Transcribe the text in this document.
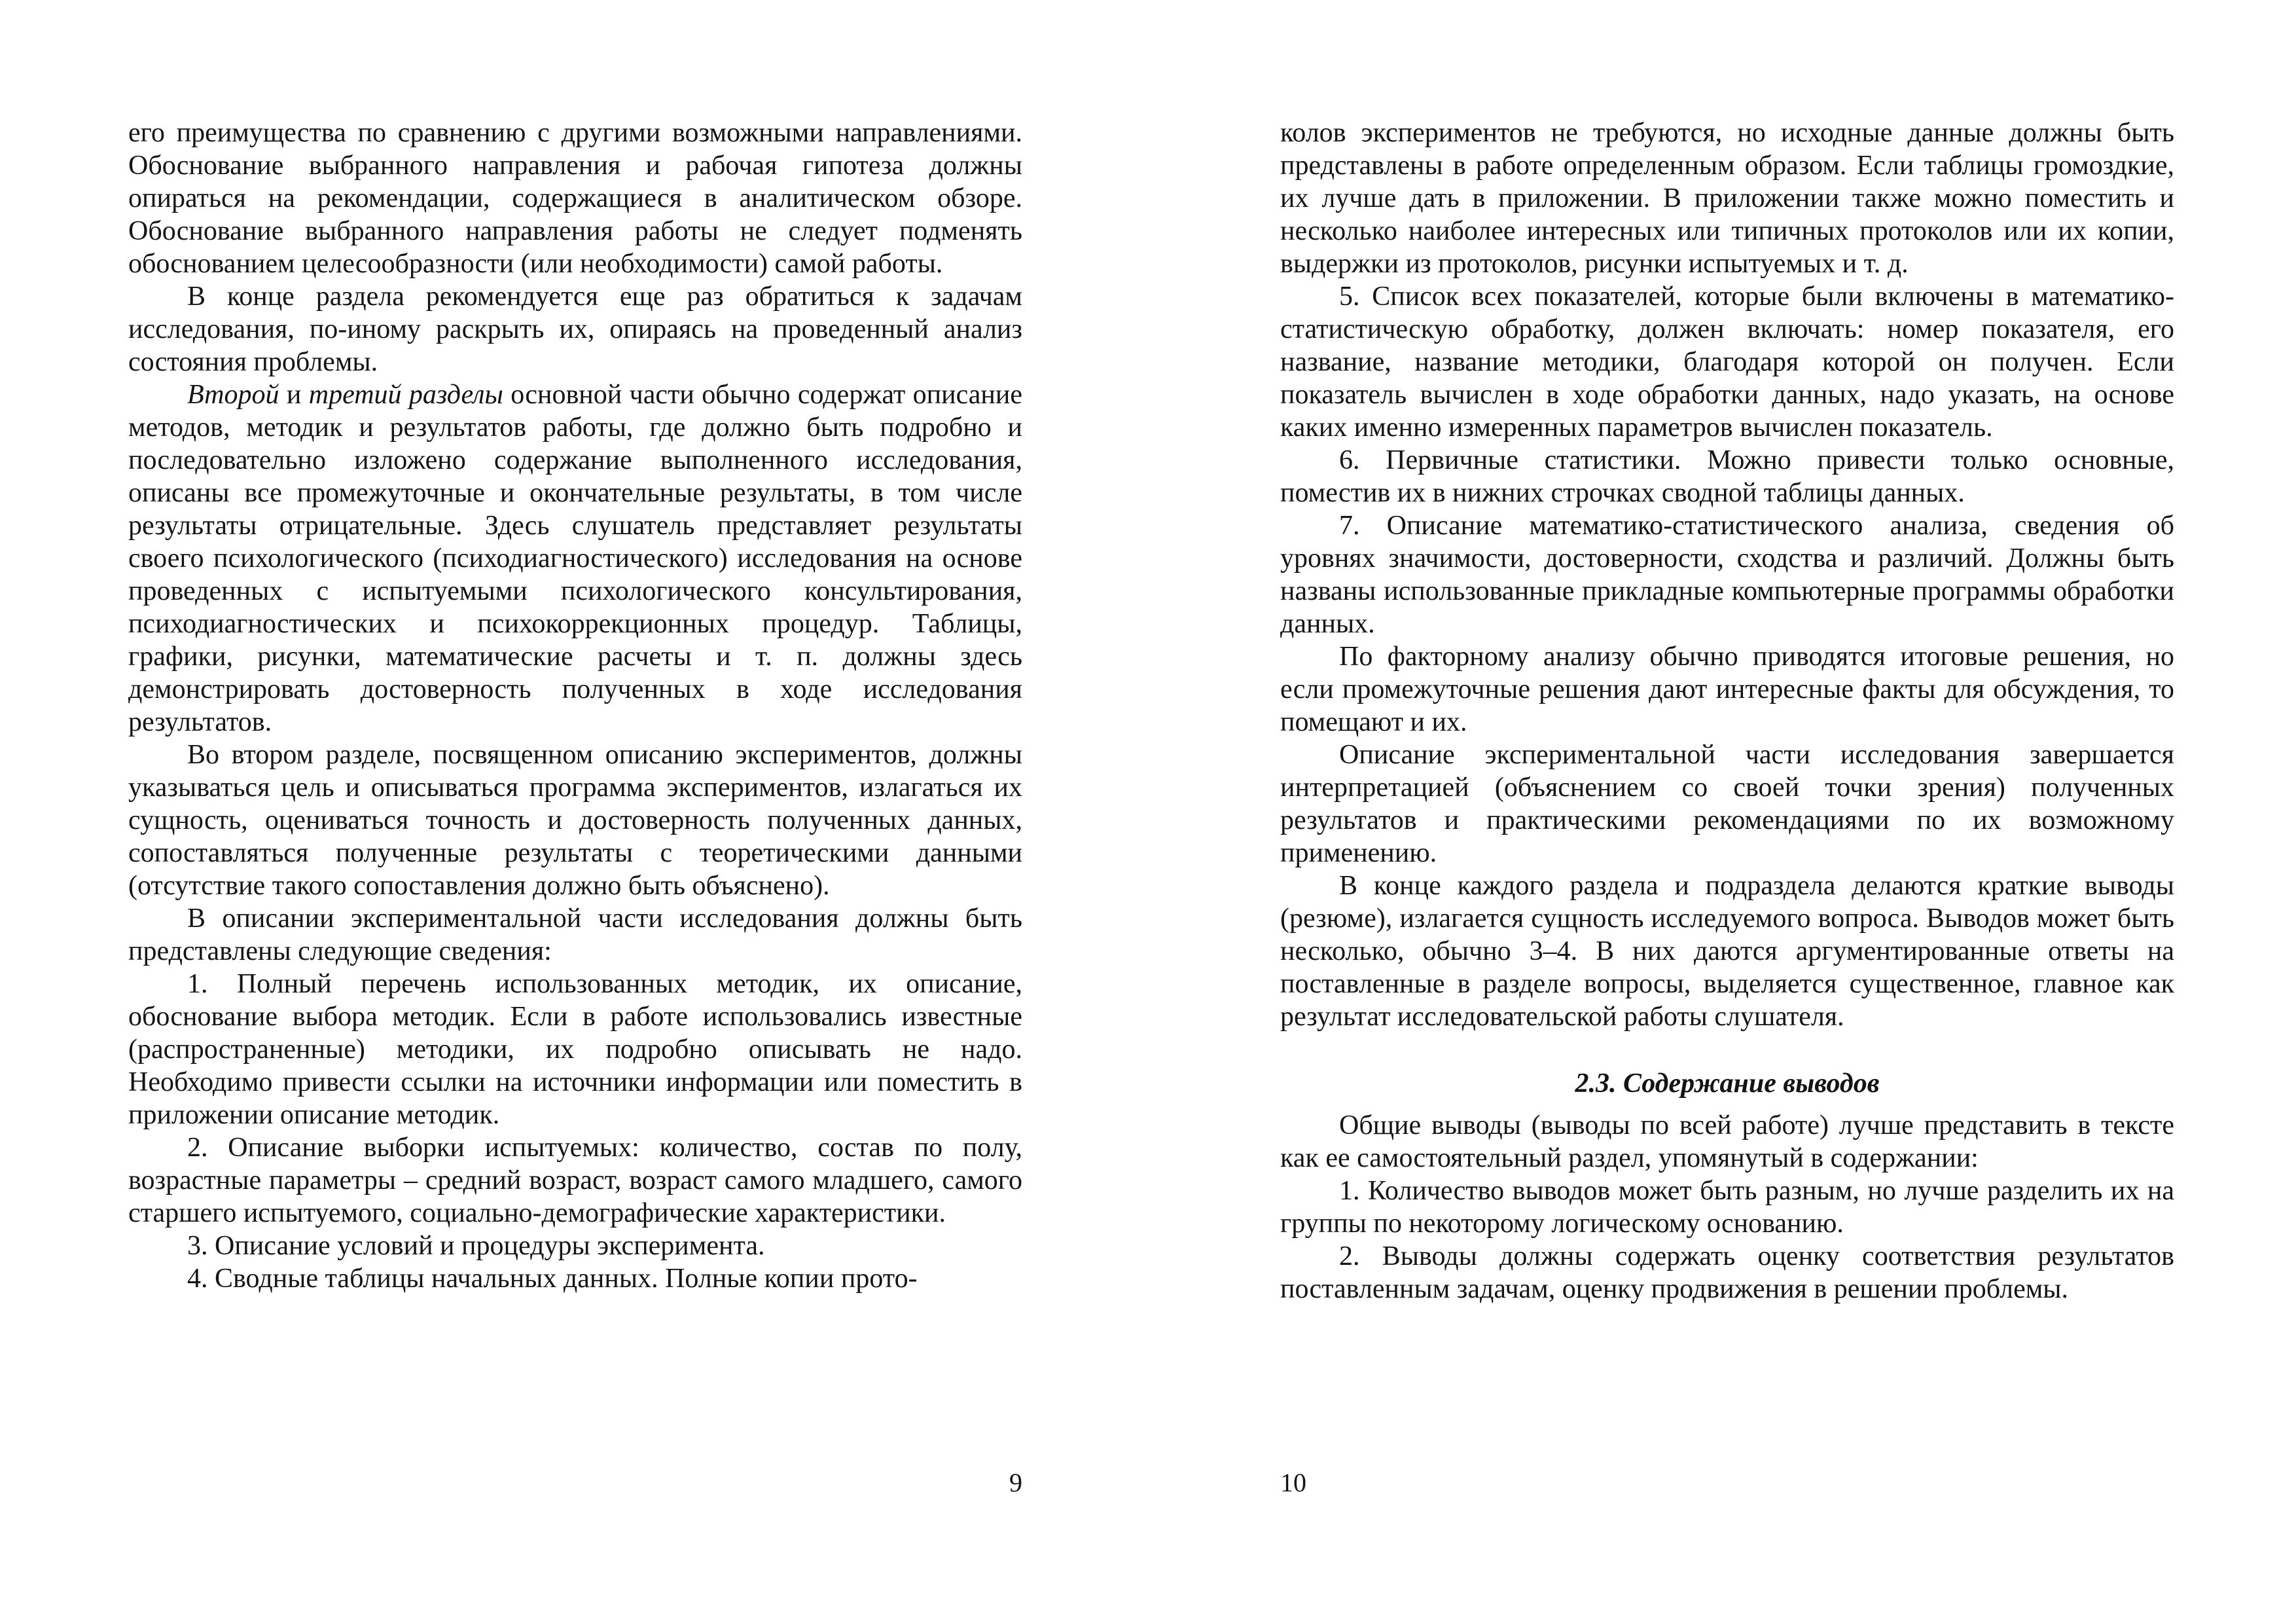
его преимущества по сравнению с другими возможными направлениями. Обоснование выбранного направления и рабочая гипотеза должны опираться на рекомендации, содержащиеся в аналитическом обзоре. Обоснование выбранного направления работы не следует подменять обоснованием целесообразности (или необходимости) самой работы.

В конце раздела рекомендуется еще раз обратиться к задачам исследования, по-иному раскрыть их, опираясь на проведенный анализ состояния проблемы.

Второй и третий разделы основной части обычно содержат описание методов, методик и результатов работы, где должно быть подробно и последовательно изложено содержание выполненного исследования, описаны все промежуточные и окончательные результаты, в том числе результаты отрицательные. Здесь слушатель представляет результаты своего психологического (психодиагностического) исследования на основе проведенных с испытуемыми психологического консультирования, психодиагностических и психокоррекционных процедур. Таблицы, графики, рисунки, математические расчеты и т. п. должны здесь демонстрировать достоверность полученных в ходе исследования результатов.

Во втором разделе, посвященном описанию экспериментов, должны указываться цель и описываться программа экспериментов, излагаться их сущность, оцениваться точность и достоверность полученных данных, сопоставляться полученные результаты с теоретическими данными (отсутствие такого сопоставления должно быть объяснено).

В описании экспериментальной части исследования должны быть представлены следующие сведения:

1. Полный перечень использованных методик, их описание, обоснование выбора методик. Если в работе использовались известные (распространенные) методики, их подробно описывать не надо. Необходимо привести ссылки на источники информации или поместить в приложении описание методик.

2. Описание выборки испытуемых: количество, состав по полу, возрастные параметры – средний возраст, возраст самого младшего, самого старшего испытуемого, социально-демографические характеристики.

3. Описание условий и процедуры эксперимента.

4. Сводные таблицы начальных данных. Полные копии прото-

9

колов экспериментов не требуются, но исходные данные должны быть представлены в работе определенным образом. Если таблицы громоздкие, их лучше дать в приложении. В приложении также можно поместить и несколько наиболее интересных или типичных протоколов или их копии, выдержки из протоколов, рисунки испытуемых и т. д.

5. Список всех показателей, которые были включены в математико-статистическую обработку, должен включать: номер показателя, его название, название методики, благодаря которой он получен. Если показатель вычислен в ходе обработки данных, надо указать, на основе каких именно измеренных параметров вычислен показатель.

6. Первичные статистики. Можно привести только основные, поместив их в нижних строчках сводной таблицы данных.

7. Описание математико-статистического анализа, сведения об уровнях значимости, достоверности, сходства и различий. Должны быть названы использованные прикладные компьютерные программы обработки данных.

По факторному анализу обычно приводятся итоговые решения, но если промежуточные решения дают интересные факты для обсуждения, то помещают и их.

Описание экспериментальной части исследования завершается интерпретацией (объяснением со своей точки зрения) полученных результатов и практическими рекомендациями по их возможному применению.

В конце каждого раздела и подраздела делаются краткие выводы (резюме), излагается сущность исследуемого вопроса. Выводов может быть несколько, обычно 3–4. В них даются аргументированные ответы на поставленные в разделе вопросы, выделяется существенное, главное как результат исследовательской работы слушателя.

2.3. Содержание выводов

Общие выводы (выводы по всей работе) лучше представить в тексте как ее самостоятельный раздел, упомянутый в содержании:

1. Количество выводов может быть разным, но лучше разделить их на группы по некоторому логическому основанию.

2. Выводы должны содержать оценку соответствия результатов поставленным задачам, оценку продвижения в решении проблемы.

10
